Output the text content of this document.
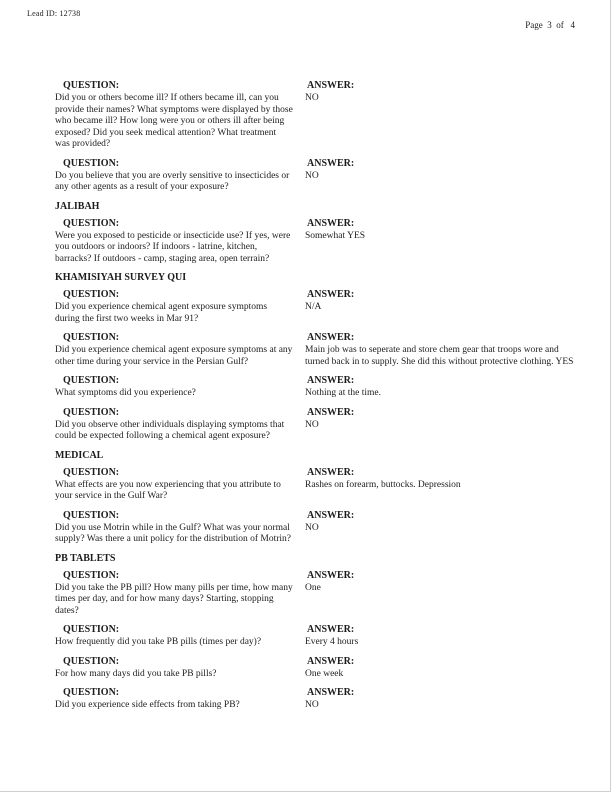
Lead ID: 12738
Page  3  of   4
QUESTION:
Did you or others become ill? If others became ill, can you provide their names? What symptoms were displayed by those who became ill? How long were you or others ill after being exposed? Did you seek medical attention? What treatment was provided?
ANSWER:
NO
QUESTION:
Do you believe that you are overly sensitive to insecticides or any other agents as a result of your exposure?
ANSWER:
NO
JALIBAH
QUESTION:
Were you exposed to pesticide or insecticide use? If yes, were you outdoors or indoors? If indoors - latrine, kitchen, barracks? If outdoors - camp, staging area, open terrain?
ANSWER:
Somewhat YES
KHAMISIYAH SURVEY QUI
QUESTION:
Did you experience chemical agent exposure symptoms during the first two weeks in Mar 91?
ANSWER:
N/A
QUESTION:
Did you experience chemical agent exposure symptoms at any other time during your service in the Persian Gulf?
ANSWER:
Main job was to seperate and store chem gear that troops wore and turned back in to supply. She did this without protective clothing. YES
QUESTION:
What symptoms did you experience?
ANSWER:
Nothing at the time.
QUESTION:
Did you observe other individuals displaying symptoms that could be expected following a chemical agent exposure?
ANSWER:
NO
MEDICAL
QUESTION:
What effects are you now experiencing that you attribute to your service in the Gulf War?
ANSWER:
Rashes on forearm, buttocks. Depression
QUESTION:
Did you use Motrin while in the Gulf? What was your normal supply? Was there a unit policy for the distribution of Motrin?
ANSWER:
NO
PB TABLETS
QUESTION:
Did you take the PB pill? How many pills per time, how many times per day, and for how many days? Starting, stopping dates?
ANSWER:
One
QUESTION:
How frequently did you take PB pills (times per day)?
ANSWER:
Every 4 hours
QUESTION:
For how many days did you take PB pills?
ANSWER:
One week
QUESTION:
Did you experience side effects from taking PB?
ANSWER:
NO
